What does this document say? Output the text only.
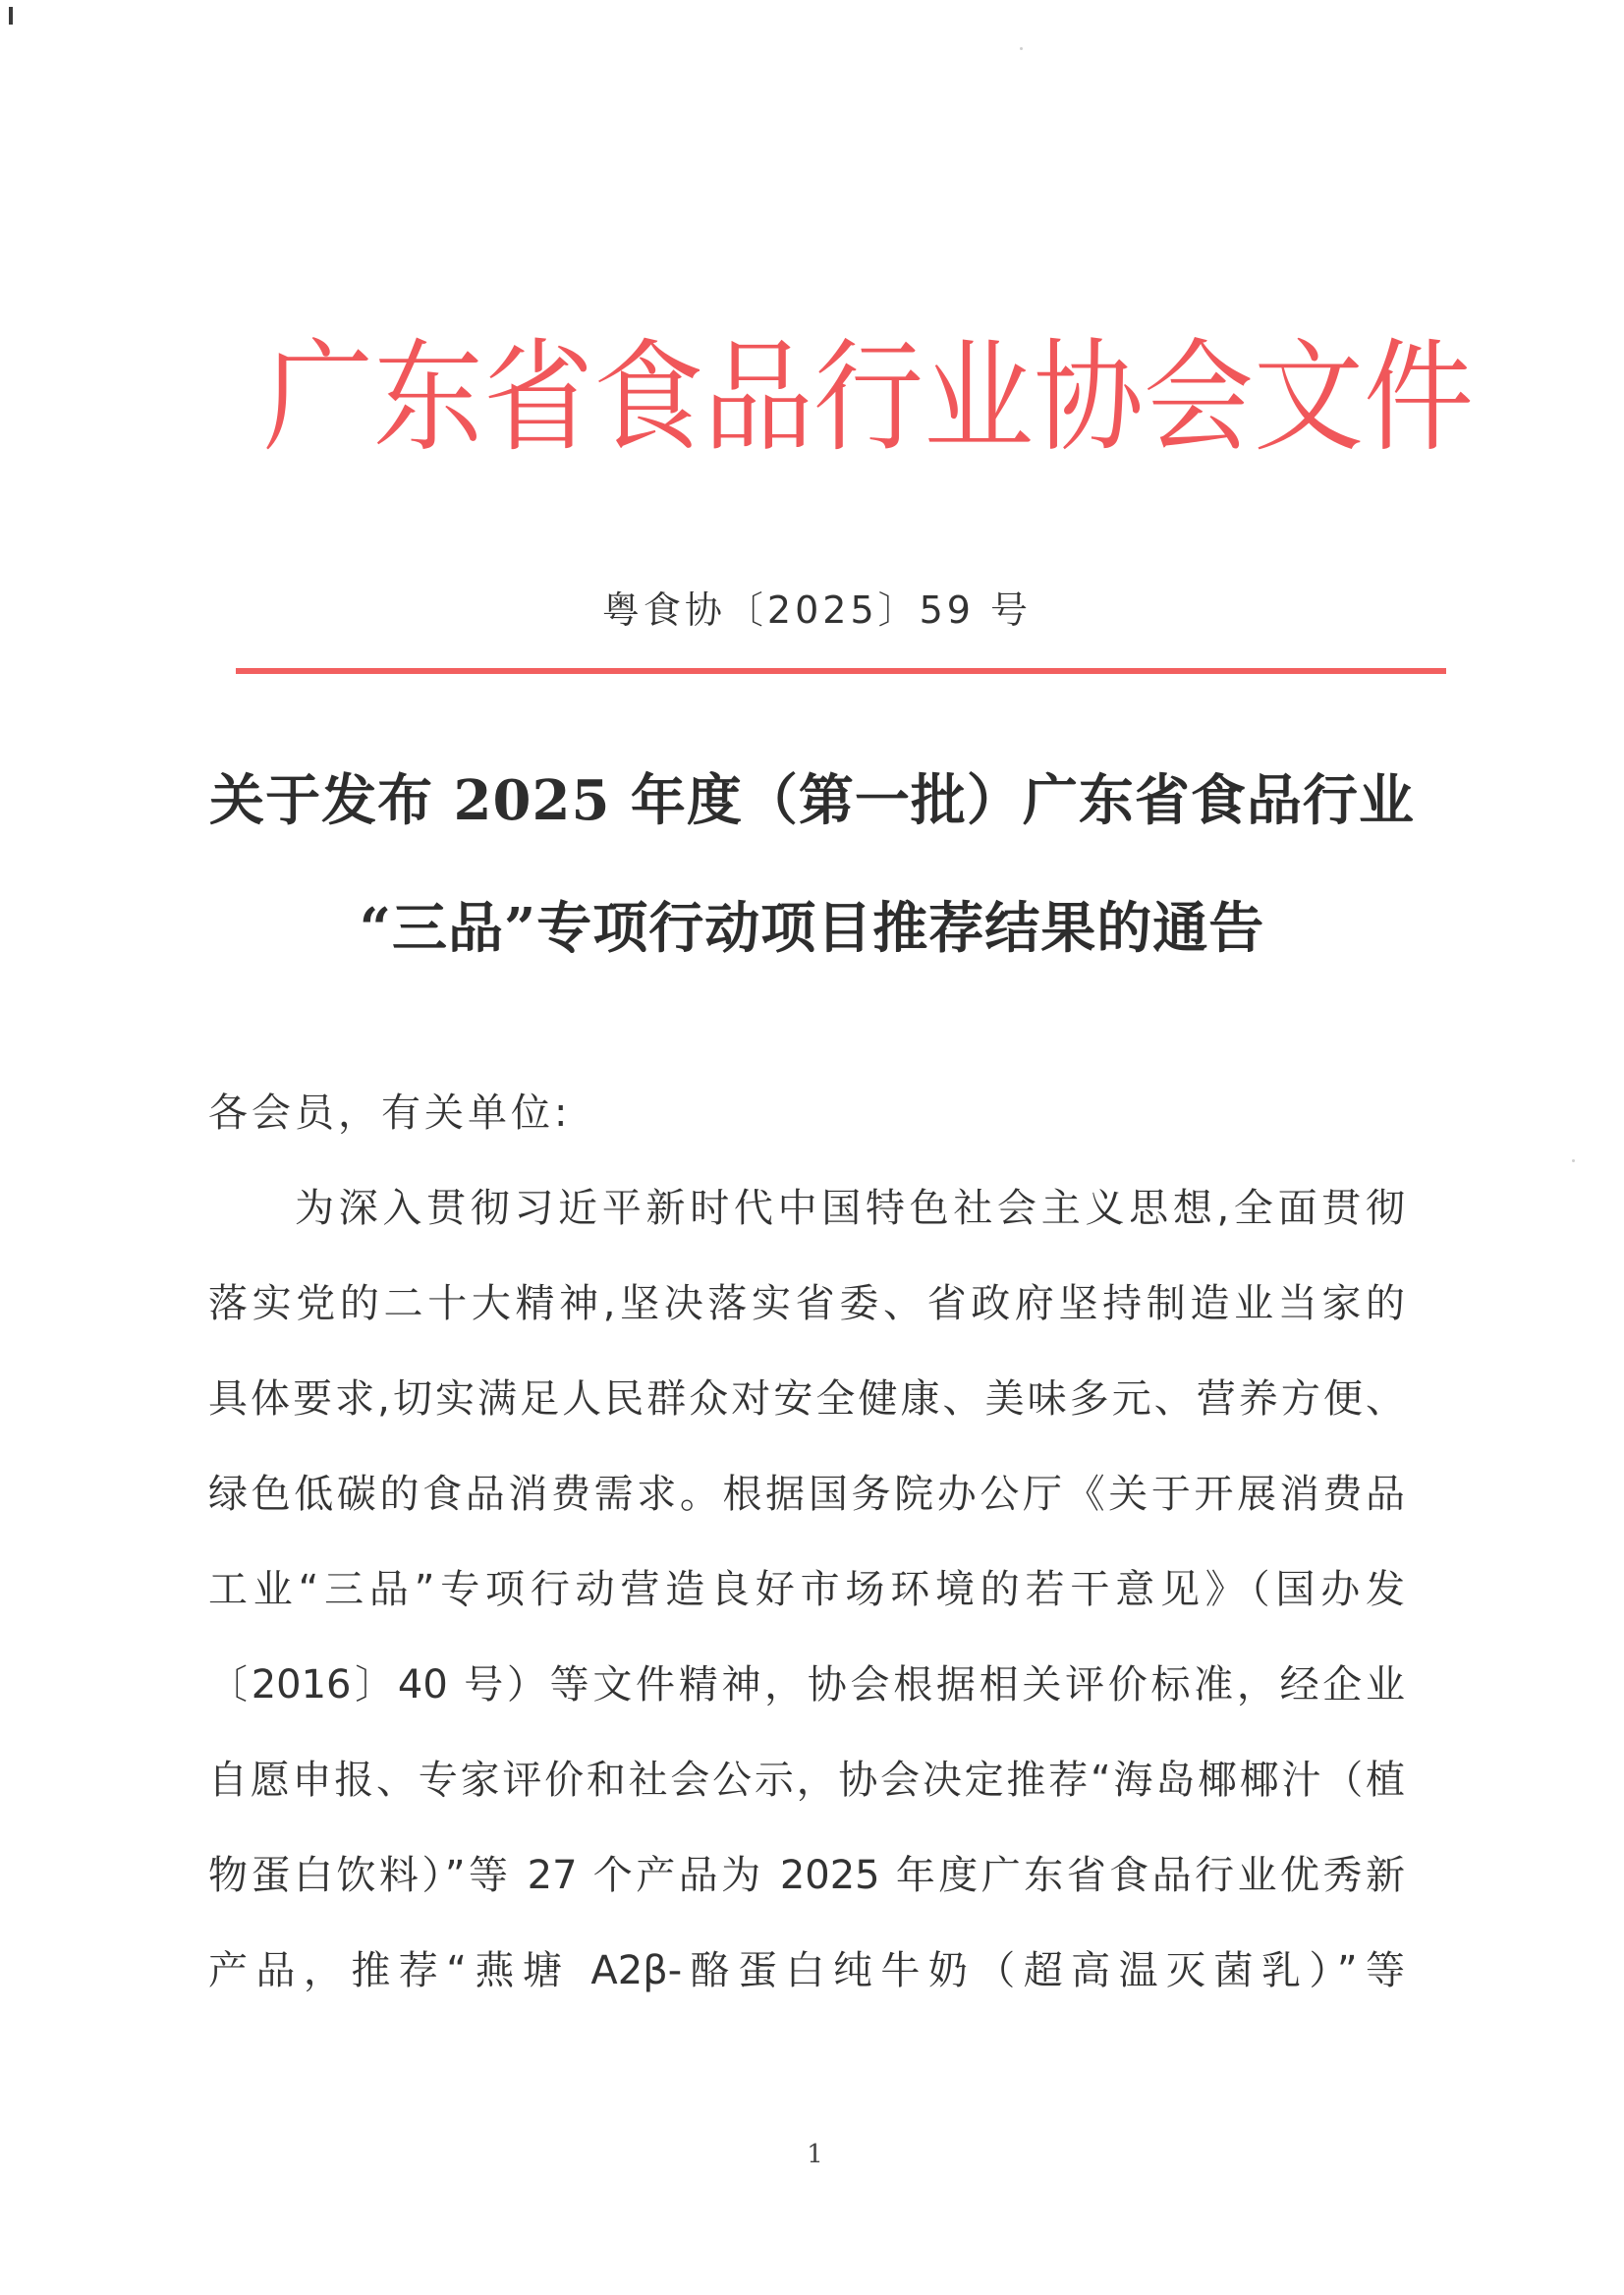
广 东 省 食 品 行 业 协 会 文 件
粤食协〔2025〕59 号
关于发布 2025 年度（第一批）广东省食品行业
“三品”专项行动项目推荐结果的通告
各会员，有关单位:
为深入贯彻习近平新时代中国特色社会主义思想,全面贯彻
落实党的二十大精神,坚决落实省委、省政府坚持制造业当家的
具体要求,切实满足人民群众对安全健康、美味多元、营养方便、
绿色低碳的食品消费需求。根据国务院办公厅《关于开展消费品
工业“三品”专项行动营造良好市场环境的若干意见》（国办发
〔2016〕40 号）等文件精神，协会根据相关评价标准，经企业
自愿申报、专家评价和社会公示，协会决定推荐“海岛椰椰汁（植
物蛋白饮料）”等 27 个产品为 2025 年度广东省食品行业优秀新
产品，推荐“燕塘 A2β-酪蛋白纯牛奶（超高温灭菌乳）”等
1
